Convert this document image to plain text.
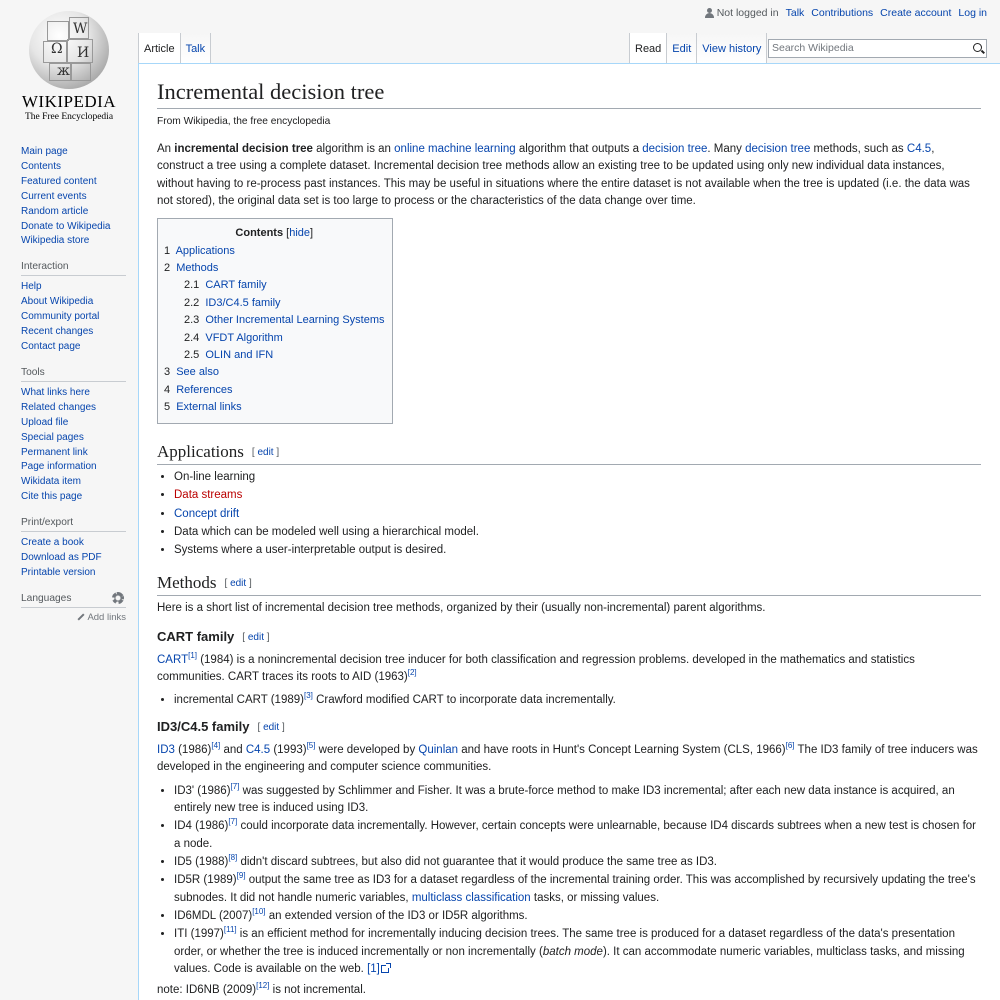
Not logged in Talk Contributions Create account Log in
Ω
W
И
ж
WIKIPEDIA
The Free Encyclopedia
Main page
Contents
Featured content
Current events
Random article
Donate to Wikipedia
Wikipedia store
Interaction
Help
About Wikipedia
Community portal
Recent changes
Contact page
Tools
What links here
Related changes
Upload file
Special pages
Permanent link
Page information
Wikidata item
Cite this page
Print/export
Create a book
Download as PDF
Printable version
Languages
Add links
Article	Talk	Read	Edit	View history
Search Wikipedia
Incremental decision tree
From Wikipedia, the free encyclopedia

An incremental decision tree algorithm is an online machine learning algorithm that outputs a decision tree. Many decision tree methods, such as C4.5, construct a tree using a complete dataset. Incremental decision tree methods allow an existing tree to be updated using only new individual data instances, without having to re-process past instances. This may be useful in situations where the entire dataset is not available when the tree is updated (i.e. the data was not stored), the original data set is too large to process or the characteristics of the data change over time.

Contents [hide]
1 Applications
2 Methods
2.1 CART family
2.2 ID3/C4.5 family
2.3 Other Incremental Learning Systems
2.4 VFDT Algorithm
2.5 OLIN and IFN
3 See also
4 References
5 External links
Applications [ edit ]
• On-line learning
• Data streams
• Concept drift
• Data which can be modeled well using a hierarchical model.
• Systems where a user-interpretable output is desired.
Methods [ edit ]

Here is a short list of incremental decision tree methods, organized by their (usually non-incremental) parent algorithms.

CART family [ edit ]

CART[1] (1984) is a nonincremental decision tree inducer for both classification and regression problems. developed in the mathematics and statistics communities. CART traces its roots to AID (1963)[2]

• incremental CART (1989)[3] Crawford modified CART to incorporate data incrementally.
ID3/C4.5 family [ edit ]

ID3 (1986)[4] and C4.5 (1993)[5] were developed by Quinlan and have roots in Hunt's Concept Learning System (CLS, 1966)[6] The ID3 family of tree inducers was developed in the engineering and computer science communities.

• ID3' (1986)[7] was suggested by Schlimmer and Fisher. It was a brute-force method to make ID3 incremental; after each new data instance is acquired, an entirely new tree is induced using ID3.
• ID4 (1986)[7] could incorporate data incrementally. However, certain concepts were unlearnable, because ID4 discards subtrees when a new test is chosen for a node.
• ID5 (1988)[8] didn't discard subtrees, but also did not guarantee that it would produce the same tree as ID3.
• ID5R (1989)[9] output the same tree as ID3 for a dataset regardless of the incremental training order. This was accomplished by recursively updating the tree's subnodes. It did not handle numeric variables, multiclass classification tasks, or missing values.
• ID6MDL (2007)[10] an extended version of the ID3 or ID5R algorithms.
• ITI (1997)[11] is an efficient method for incrementally inducing decision trees. The same tree is produced for a dataset regardless of the data's presentation order, or whether the tree is induced incrementally or non incrementally (batch mode). It can accommodate numeric variables, multiclass tasks, and missing values. Code is available on the web. [1]

note: ID6NB (2009)[12] is not incremental.
